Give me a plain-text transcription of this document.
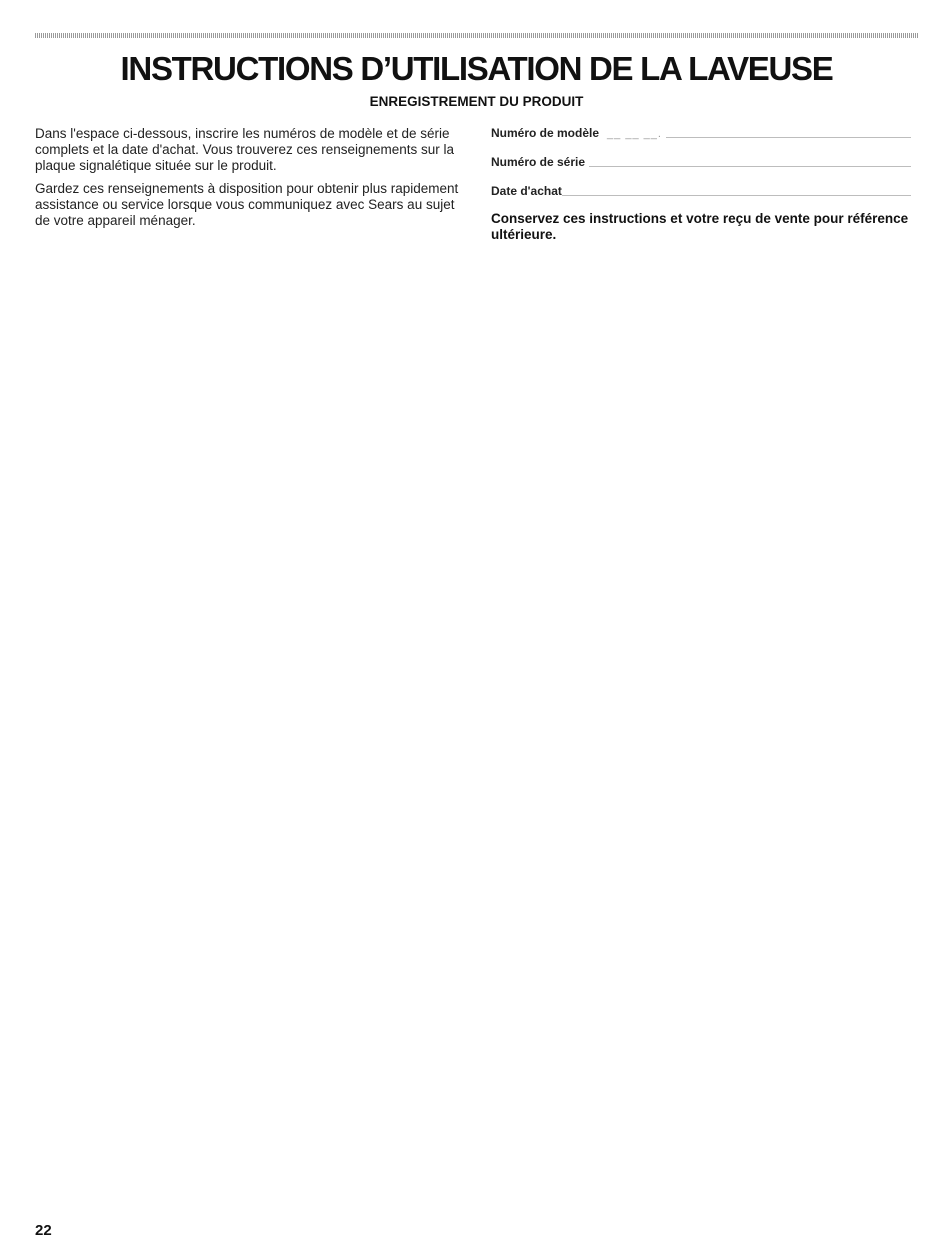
INSTRUCTIONS D’UTILISATION DE LA LAVEUSE
ENREGISTREMENT DU PRODUIT

Dans l'espace ci-dessous, inscrire les numéros de modèle et de série complets et la date d'achat. Vous trouverez ces renseignements sur la plaque signalétique située sur le produit.

Gardez ces renseignements à disposition pour obtenir plus rapidement assistance ou service lorsque vous communiquez avec Sears au sujet de votre appareil ménager.

Numéro de modèle __ __ __.
Numéro de série
Date d'achat

Conservez ces instructions et votre reçu de vente pour référence ultérieure.

22
